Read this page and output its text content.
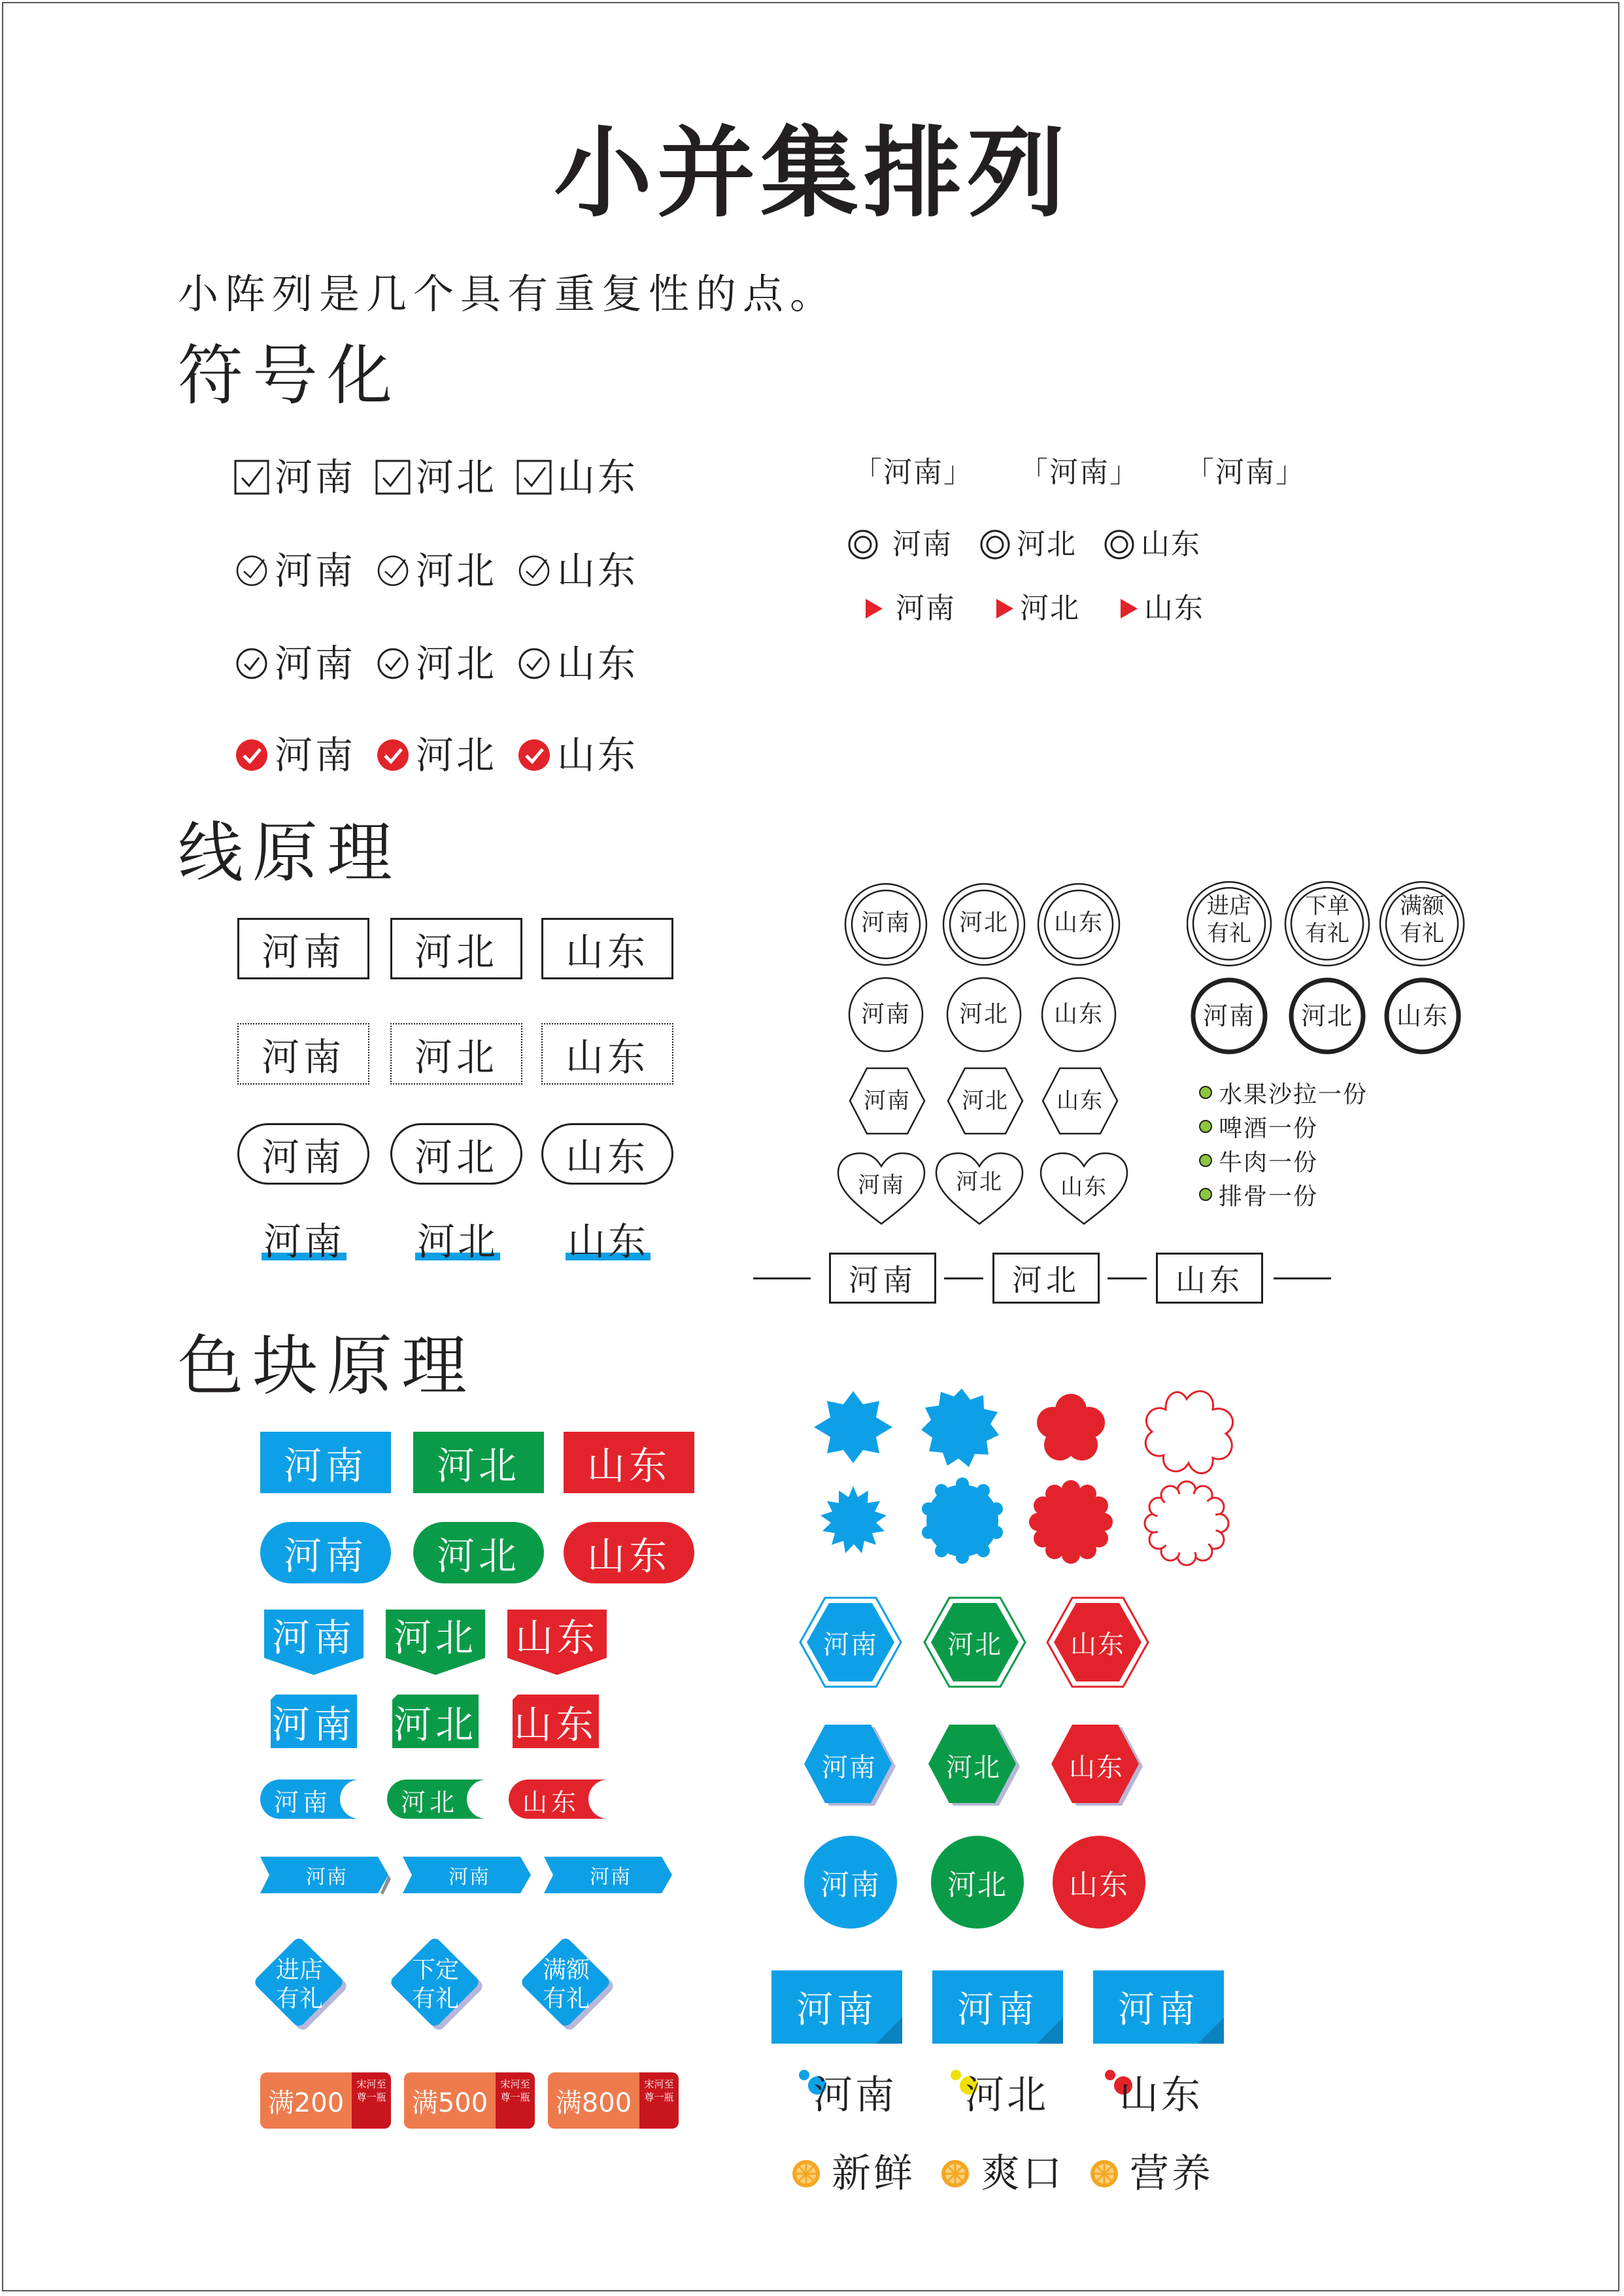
小并集排列
小阵列是几个具有重复性的点。
符号化
河南 河北 山东
河南 河北 山东
河南 河北 山东
河南 河北 山东
「河南」 「河南」 「河南」
河南 河北 山东
河南 河北 山东
线原理
河南	河北	山东
河南	河北	山东
河南	河北	山东
河南 河北 山东
河南	河北	山东
河南	河北	山东
河南	河北	山东
河南	河北	山东
进店有礼
下单有礼
满额有礼
河南	河北	山东
水果沙拉一份
啤酒一份
牛肉一份
排骨一份
河南	河北	山东
色块原理
河南	河北	山东
河南	河北	山东
河南 河北 山东
河南 河北 山东
河南	河北	山东
河南	河南	河南
进店有礼
下定有礼
满额有礼
满200
宋河至尊一瓶 满500
宋河至尊一瓶 满800
宋河至尊一瓶
河南	河北	山东
河南	河北	山东
河南	河北	山东
河南	河南	河南
河南 河北 山东
新鲜 爽口 营养
